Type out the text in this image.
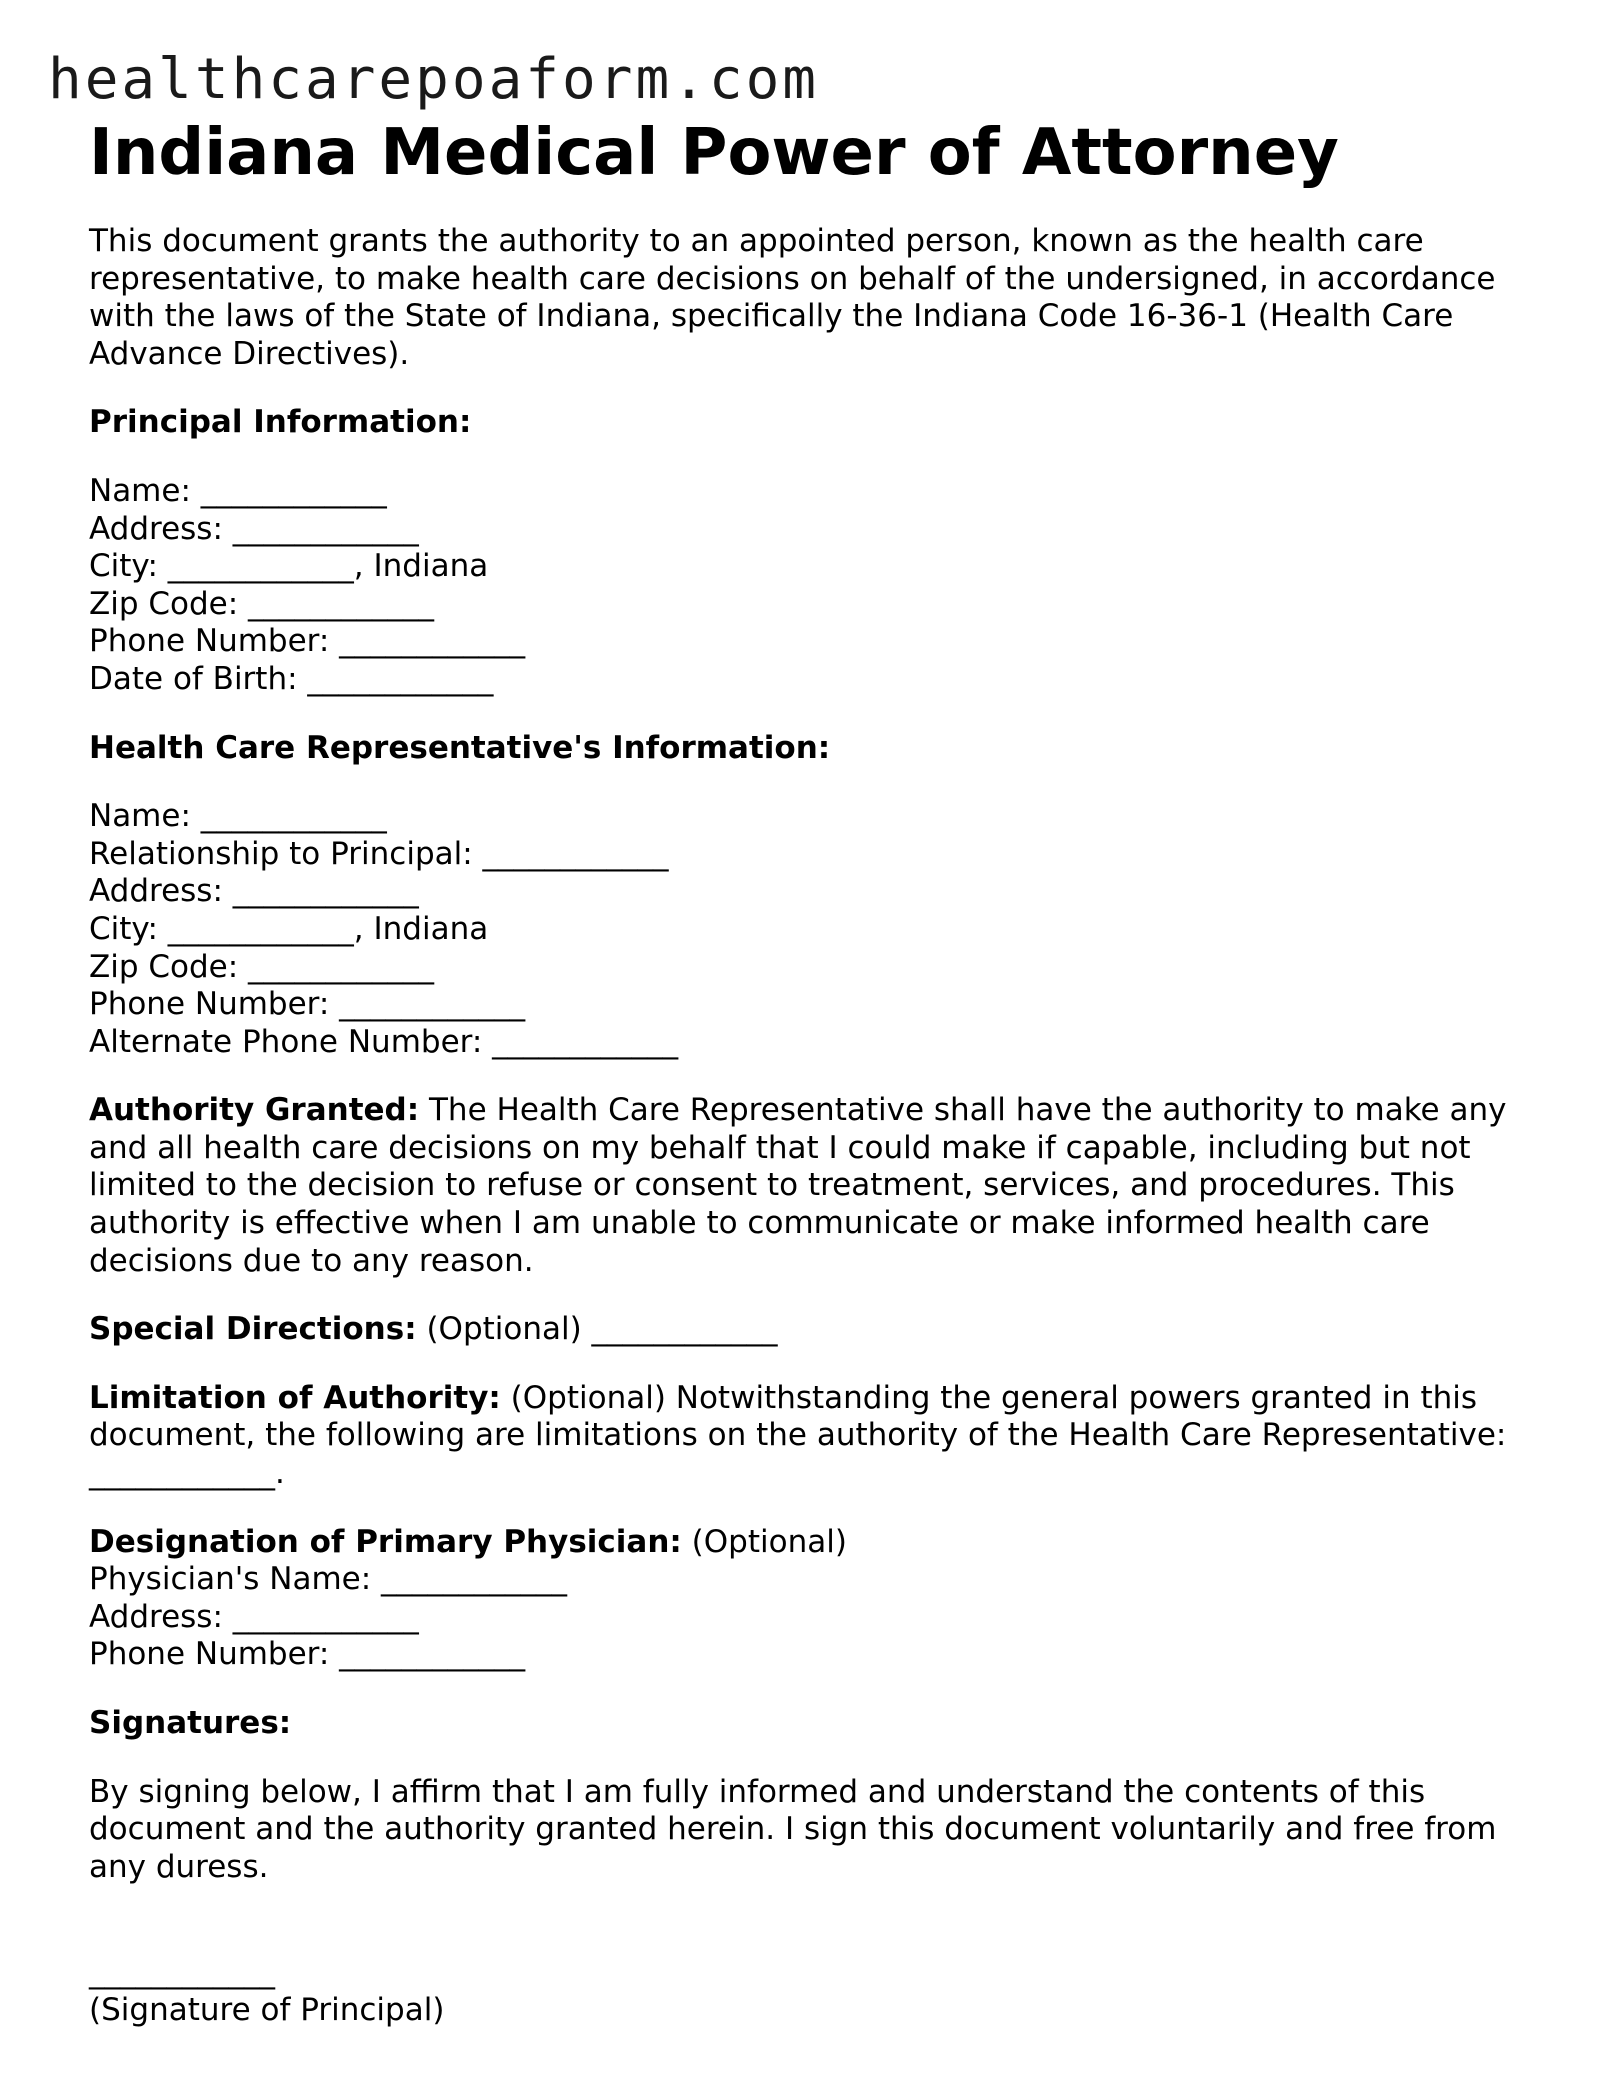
healthcarepoaform.com
Indiana Medical Power of Attorney

This document grants the authority to an appointed person, known as the health care representative, to make health care decisions on behalf of the undersigned, in accordance with the laws of the State of Indiana, specifically the Indiana Code 16-36-1 (Health Care Advance Directives).

Principal Information:

Name: ____________
Address: ____________
City: ____________, Indiana
Zip Code: ____________
Phone Number: ____________
Date of Birth: ____________

Health Care Representative's Information:

Name: ____________
Relationship to Principal: ____________
Address: ____________
City: ____________, Indiana
Zip Code: ____________
Phone Number: ____________
Alternate Phone Number: ____________

Authority Granted: The Health Care Representative shall have the authority to make any and all health care decisions on my behalf that I could make if capable, including but not limited to the decision to refuse or consent to treatment, services, and procedures. This authority is effective when I am unable to communicate or make informed health care decisions due to any reason.

Special Directions: (Optional) ____________

Limitation of Authority: (Optional) Notwithstanding the general powers granted in this document, the following are limitations on the authority of the Health Care Representative: ____________.

Designation of Primary Physician: (Optional)
Physician's Name: ____________
Address: ____________
Phone Number: ____________

Signatures:

By signing below, I affirm that I am fully informed and understand the contents of this document and the authority granted herein. I sign this document voluntarily and free from any duress.

____________
(Signature of Principal)
